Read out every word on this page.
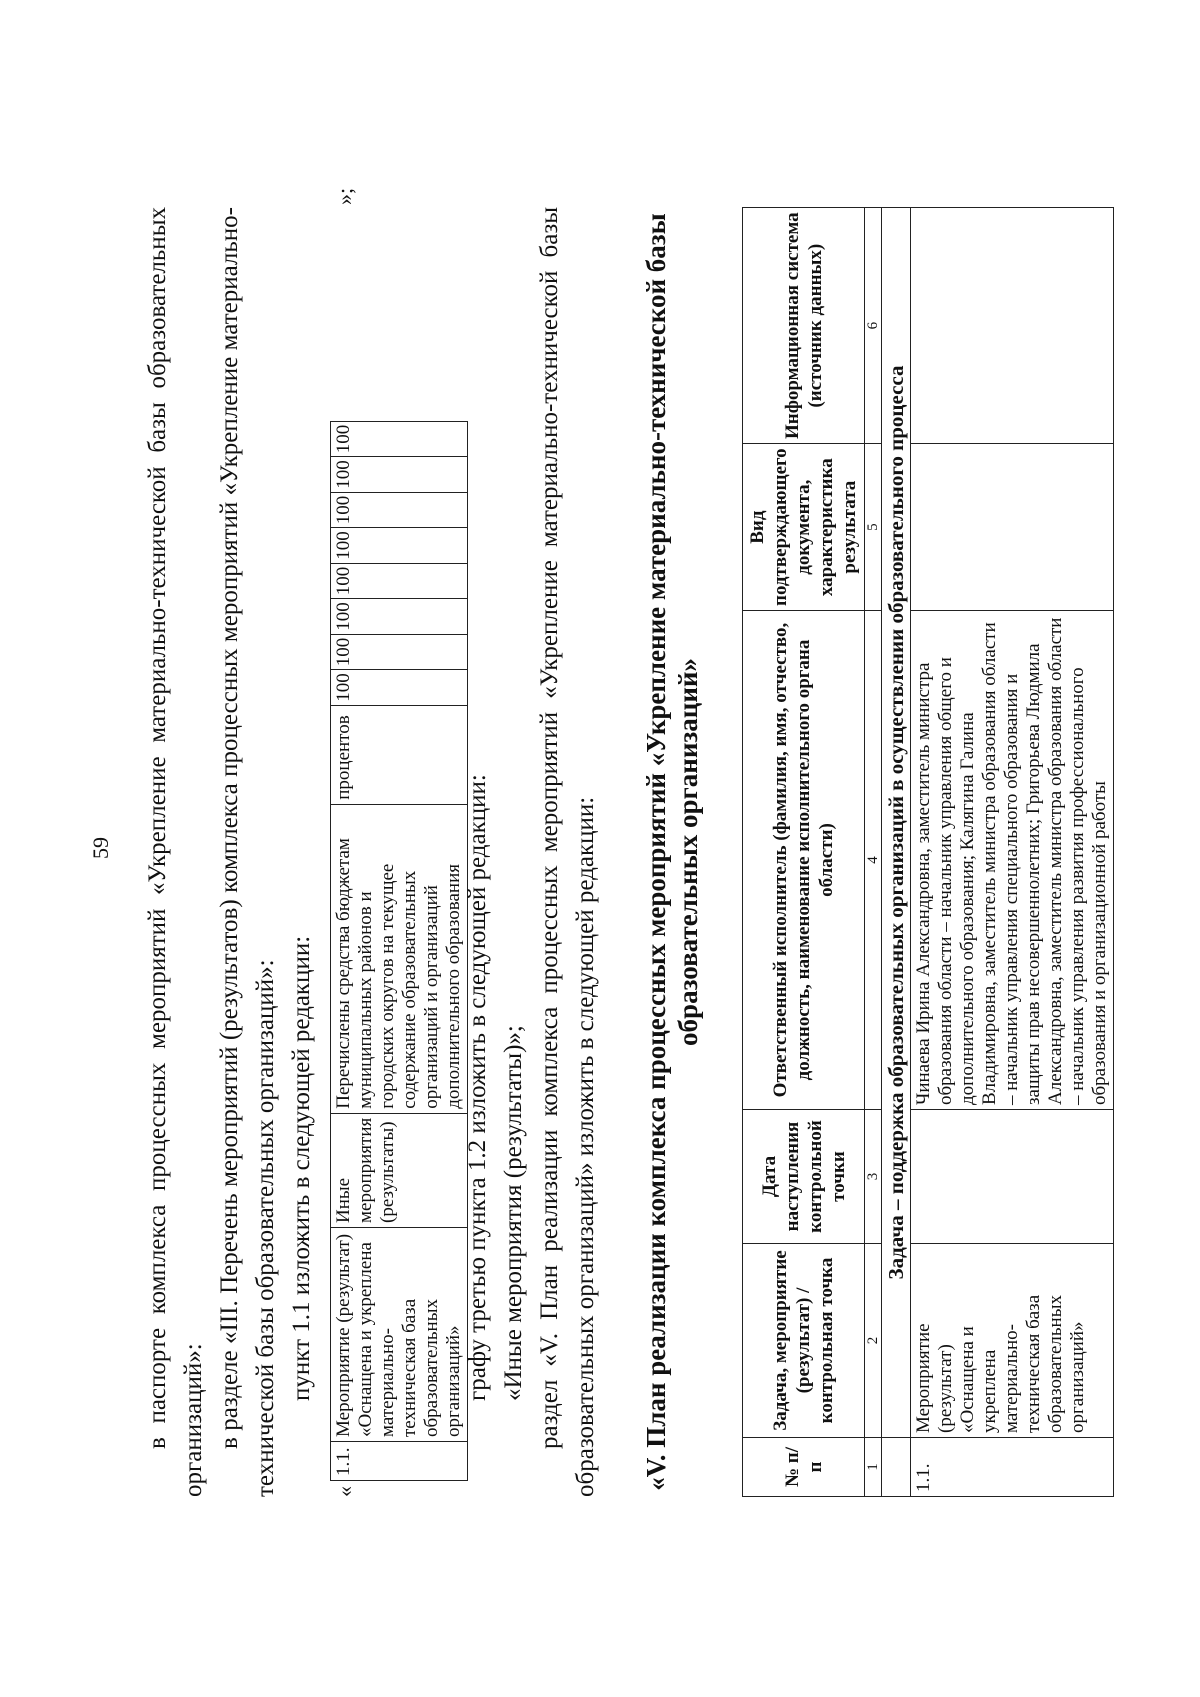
59 в паспорте комплекса процессных мероприятий «Укрепление материально-технической базы образовательных организаций»: в разделе «III. Перечень мероприятий (результатов) комплекса процессных мероприятий «Укрепление материально-технической базы образовательных организаций»: пункт 1.1 изложить в следующей редакции:
«
1.1.	Мероприятие (результат) «Оснащена и укреплена материально-техническая база образовательных организаций»	Иные мероприятия (результаты)	Перечислены средства бюджетам муниципальных районов и городских округов на текущее содержание образовательных организаций и организаций дополнительного образования	процентов	100	100	100	100	100	100	100	100
»;
графу третью пункта 1.2 изложить в следующей редакции: «Иные мероприятия (результаты)»; раздел «V. План реализации комплекса процессных мероприятий «Укрепление материально-технической базы образовательных организаций» изложить в следующей редакции: «V. План реализации комплекса процессных мероприятий «Укрепление материально-технической базы образовательных организаций»
№ п/п	Задача, мероприятие (результат) / контрольная точка	Дата наступления контрольной точки	Ответственный исполнитель (фамилия, имя, отчество, должность, наименование исполнительного органа области)	Вид подтверждающего документа, характеристика результата	Информационная система (источник данных)
1	2	3	4	5	6
	Задача – поддержка образовательных организаций в осуществлении образовательного процесса				
1.1.	Мероприятие (результат) «Оснащена и укреплена материально-техническая база образовательных организаций»		Чинаева Ирина Александровна, заместитель министра образования области – начальник управления общего и дополнительного образования; Калягина Галина Владимировна, заместитель министра образования области – начальник управления специального образования и защиты прав несовершеннолетних; Григорьева Людмила Александровна, заместитель министра образования области – начальник управления развития профессионального образования и организационной работы		
